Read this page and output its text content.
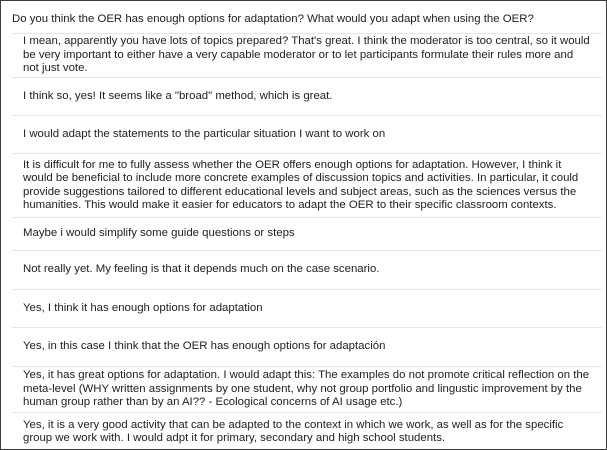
Do you think the OER has enough options for adaptation? What would you adapt when using the OER?
I mean, apparently you have lots of topics prepared? That's great. I think the moderator is too central, so it would be very important to either have a very capable moderator or to let participants formulate their rules more and not just vote.
I think so, yes! It seems like a "broad" method, which is great.
I would adapt the statements to the particular situation I want to work on
It is difficult for me to fully assess whether the OER offers enough options for adaptation. However, I think it would be beneficial to include more concrete examples of discussion topics and activities. In particular, it could provide suggestions tailored to different educational levels and subject areas, such as the sciences versus the humanities. This would make it easier for educators to adapt the OER to their specific classroom contexts.
Maybe i would simplify some guide questions or steps
Not really yet. My feeling is that it depends much on the case scenario.
Yes, I think it has enough options for adaptation
Yes, in this case I think that the OER has enough options for adaptación
Yes, it has great options for adaptation. I would adapt this: The examples do not promote critical reflection on the meta-level (WHY written assignments by one student, why not group portfolio and lingustic improvement by the human group rather than by an AI?? - Ecological concerns of AI usage etc.)
Yes, it is a very good activity that can be adapted to the context in which we work, as well as for the specific group we work with. I would adpt it for primary, secondary and high school students.
